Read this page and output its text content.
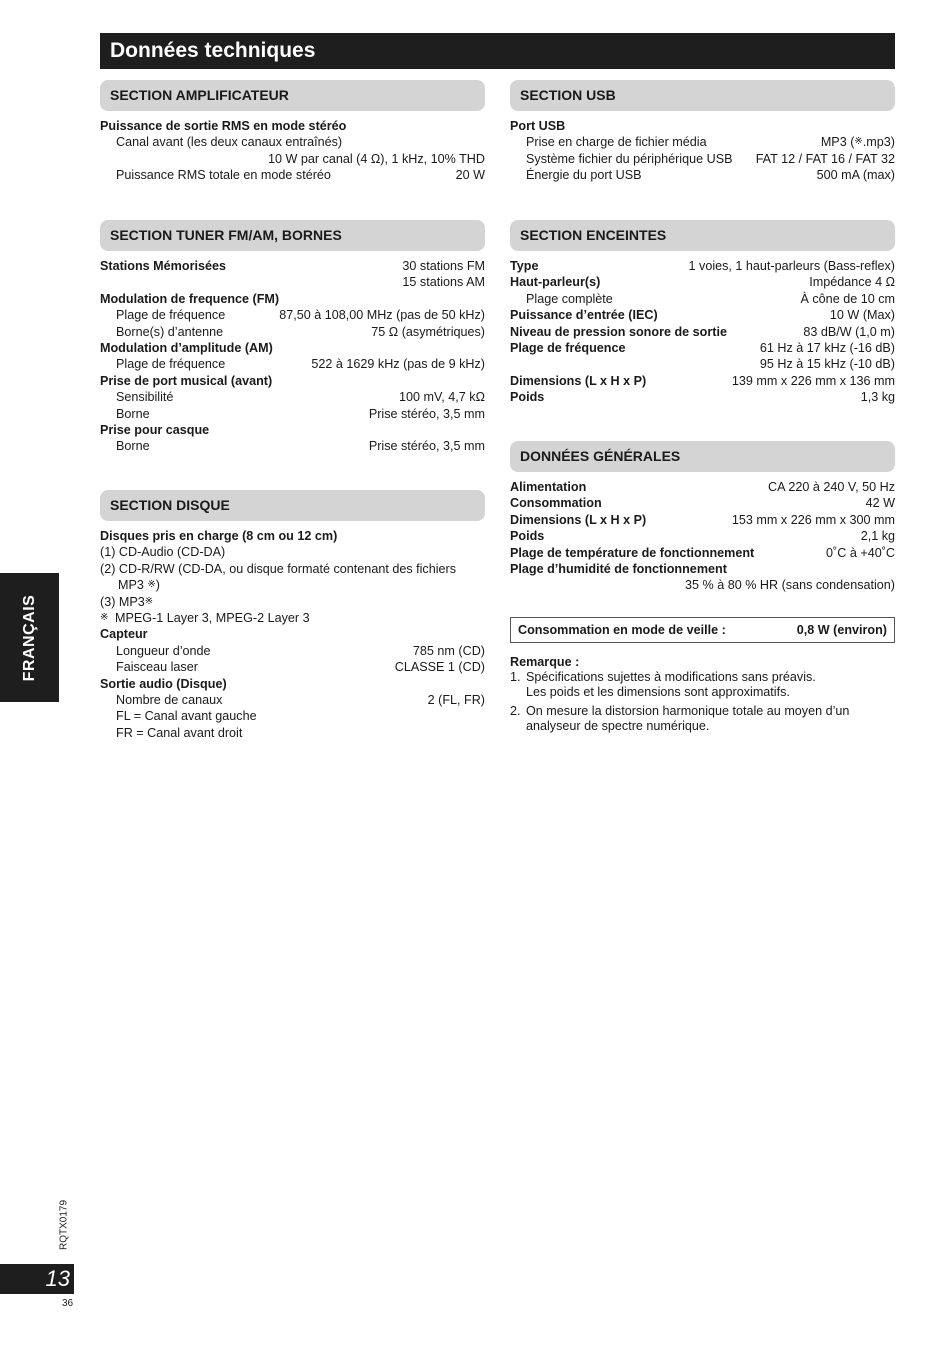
Données techniques
SECTION AMPLIFICATEUR
Puissance de sortie RMS en mode stéréo
Canal avant (les deux canaux entraînés)
10 W par canal (4 Ω), 1 kHz, 10% THD
Puissance RMS totale en mode stéréo	20 W
SECTION USB
Port USB
Prise en charge de fichier média	MP3 (※.mp3)
Système fichier du périphérique USB	FAT 12 / FAT 16 / FAT 32
Énergie du port USB	500 mA (max)
SECTION TUNER FM/AM, BORNES
Stations Mémorisées	30 stations FM
15 stations AM
Modulation de frequence (FM)
Plage de fréquence	87,50 à 108,00 MHz (pas de 50 kHz)
Borne(s) d’antenne	75 Ω (asymétriques)
Modulation d’amplitude (AM)
Plage de fréquence	522 à 1629 kHz (pas de 9 kHz)
Prise de port musical (avant)
Sensibilité	100 mV, 4,7 kΩ
Borne	Prise stéréo, 3,5 mm
Prise pour casque
Borne	Prise stéréo, 3,5 mm
SECTION ENCEINTES
Type	1 voies, 1 haut-parleurs (Bass-reflex)
Haut-parleur(s)	Impédance 4 Ω
Plage complète	À cône de 10 cm
Puissance d’entrée (IEC)	10 W (Max)
Niveau de pression sonore de sortie	83 dB/W (1,0 m)
Plage de fréquence	61 Hz à 17 kHz (-16 dB)
95 Hz à 15 kHz (-10 dB)
Dimensions (L x H x P)	139 mm x 226 mm x 136 mm
Poids	1,3 kg
DONNÉES GÉNÉRALES
Alimentation	CA 220 à 240 V, 50 Hz
Consommation	42 W
Dimensions (L x H x P)	153 mm x 226 mm x 300 mm
Poids	2,1 kg
Plage de température de fonctionnement	0˚C à +40˚C
Plage d’humidité de fonctionnement
35 % à 80 % HR (sans condensation)
Consommation en mode de veille :	0,8 W (environ)
Remarque :
1. Spécifications sujettes à modifications sans préavis.
Les poids et les dimensions sont approximatifs.
2. On mesure la distorsion harmonique totale au moyen d’un
analyseur de spectre numérique.
SECTION DISQUE
Disques pris en charge (8 cm ou 12 cm)
(1) CD-Audio (CD-DA)
(2) CD-R/RW (CD-DA, ou disque formaté contenant des fichiers
MP3 ※)
(3) MP3※
※ MPEG-1 Layer 3, MPEG-2 Layer 3
Capteur
Longueur d’onde	785 nm (CD)
Faisceau laser	CLASSE 1 (CD)
Sortie audio (Disque)
Nombre de canaux	2 (FL, FR)
FL = Canal avant gauche
FR = Canal avant droit
FRANÇAIS
RQTX0179
13
36
